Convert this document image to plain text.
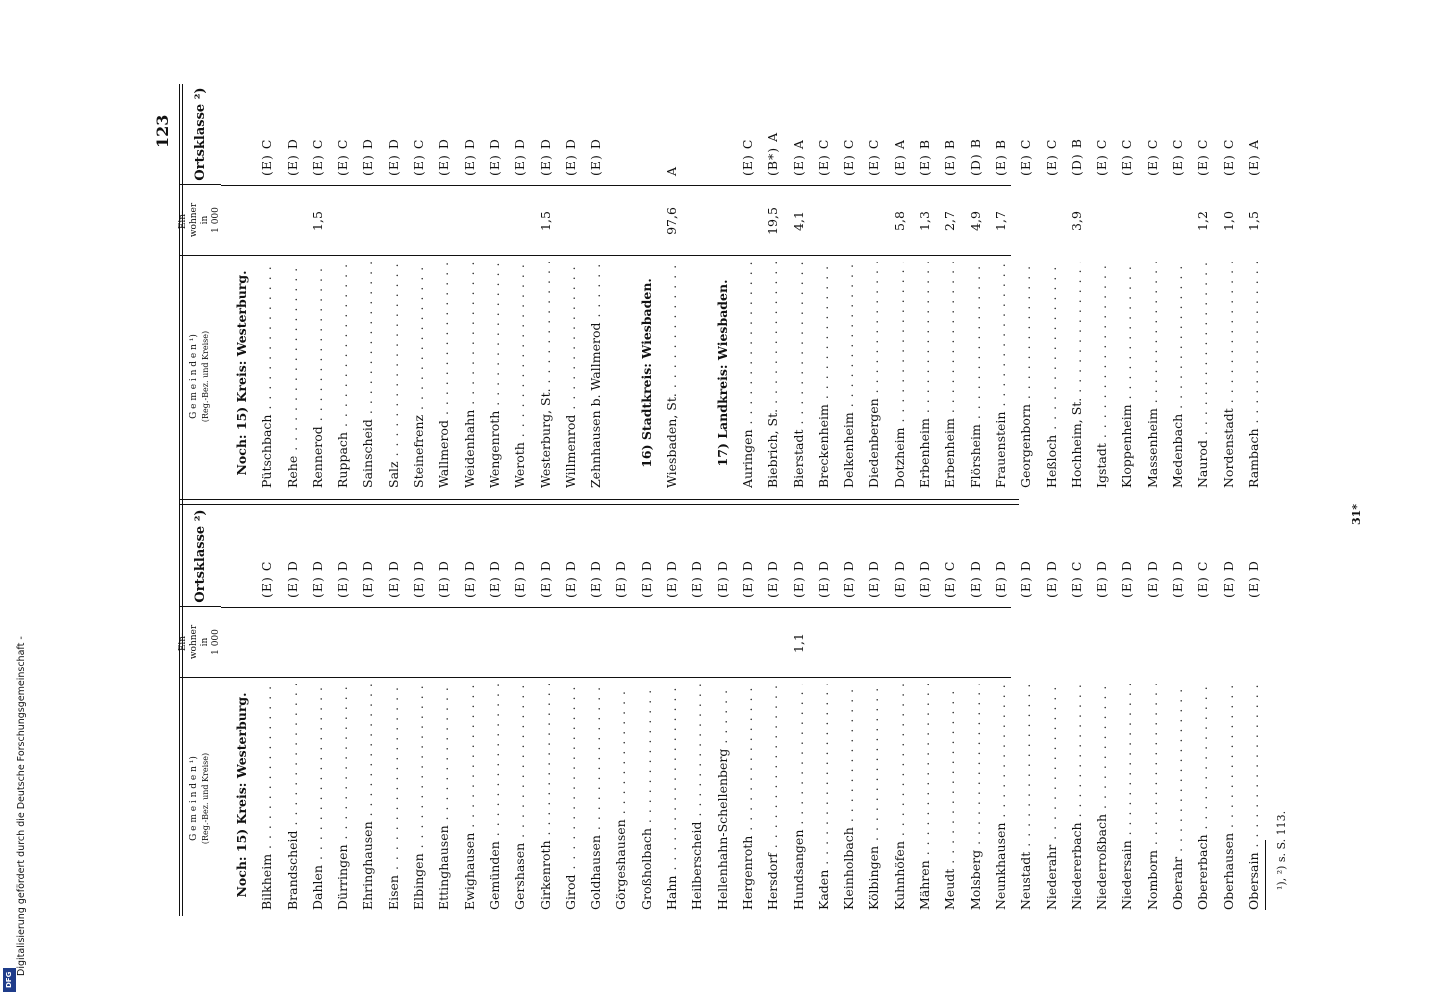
123
G e m e i n d e n ¹) (Reg.-Bez. und Kreise)
Ein-
wohner
in
1 000
Ortsklasse ²)
Noch: 15) Kreis: Westerburg. Bilkheim . . .
(E) C
Brandscheid . . .
(E) D
Dahlen . . .
(E) D
Dürringen . . .
(E) D
Ehringhausen . . .
(E) D
Eisen . . .
(E) D
Elbingen . . .
(E) D
Ettinghausen . . .
(E) D
Ewighausen . . .
(E) D
Gemünden . . .
(E) D
Gershasen . . .
(E) D
Girkenroth . . .
(E) D
Girod . . .
(E) D
Goldhausen . . .
(E) D
Görgeshausen . . .
(E) D
Großholbach . . .
(E) D
Hahn . . .
(E) D
Heilberscheid . . .
(E) D
Hellenhahn-Schellenberg . . .
(E) D
Hergenroth . . .
(E) D
Hersdorf . . .
(E) D
Hundsangen . . .
1,1
(E) D
Kaden . . .
(E) D
Kleinholbach . . .
(E) D
Kölbingen . . .
(E) D
Kuhnhöfen . . .
(E) D
Mähren . . .
(E) D
Meudt . . .
(E) C
Molsberg . . .
(E) D
Neunkhausen . . .
(E) D
Neustadt . . .
(E) D
Niederahr . . .
(E) D
Niedererbach . . .
(E) C
Niederroßbach . . .
(E) D
Niedersain . . .
(E) D
Nomborn . . .
(E) D
Oberahr . . .
(E) D
Obererbach . . .
(E) C
Oberhausen . . .
(E) D
Obersain . . .
(E) D
G e m e i n d e n ¹) (Reg.-Bez. und Kreise)
Ein-
wohner
in
1 000
Ortsklasse ²)
Noch: 15) Kreis: Westerburg. Pütschbach . . .
(E) C
Rehe . . .
(E) D
Rennerod . . .
1,5
(E) C
Ruppach . . .
(E) C
Sainscheid . . .
(E) D
Salz . . .
(E) D
Steinefrenz . . .
(E) C
Wallmerod . . .
(E) D
Weidenhahn . . .
(E) D
Wengenroth . . .
(E) D
Weroth . . .
(E) D
Westerburg, St. . . .
1,5
(E) D
Willmenrod . . .
(E) D
Zehnhausen b. Wallmerod . . .
(E) D
16) Stadtkreis: Wiesbaden. Wiesbaden, St. . . .
97,6
A
17) Landkreis: Wiesbaden. Auringen . . .
(E) C
Biebrich, St. . . .
19,5
(B*) A
Bierstadt . . .
4,1
(E) A
Breckenheim . . .
(E) C
Delkenheim . . .
(E) C
Diedenbergen . . .
(E) C
Dotzheim . . .
5,8
(E) A
Erbenheim . . .
1,3
(E) B
Erbenheim . . .
2,7
(E) B
Flörsheim . . .
4,9
(D) B
Frauenstein . . .
1,7
(E) B
Georgenborn . . .
(E) C
Heßloch . . .
(E) C
Hochheim, St. . . .
3,9
(D) B
Igstadt . . .
(E) C
Kloppenheim . . .
(E) C
Massenheim . . .
(E) C
Medenbach . . .
(E) C
Naurod . . .
1,2
(E) C
Nordenstadt . . .
1,0
(E) C
Rambach . . .
1,5
(E) A
¹), ²) s. S. 113.
31*
Digitalisierung gefördert durch die Deutsche Forschungsgemeinschaft -
DFG
